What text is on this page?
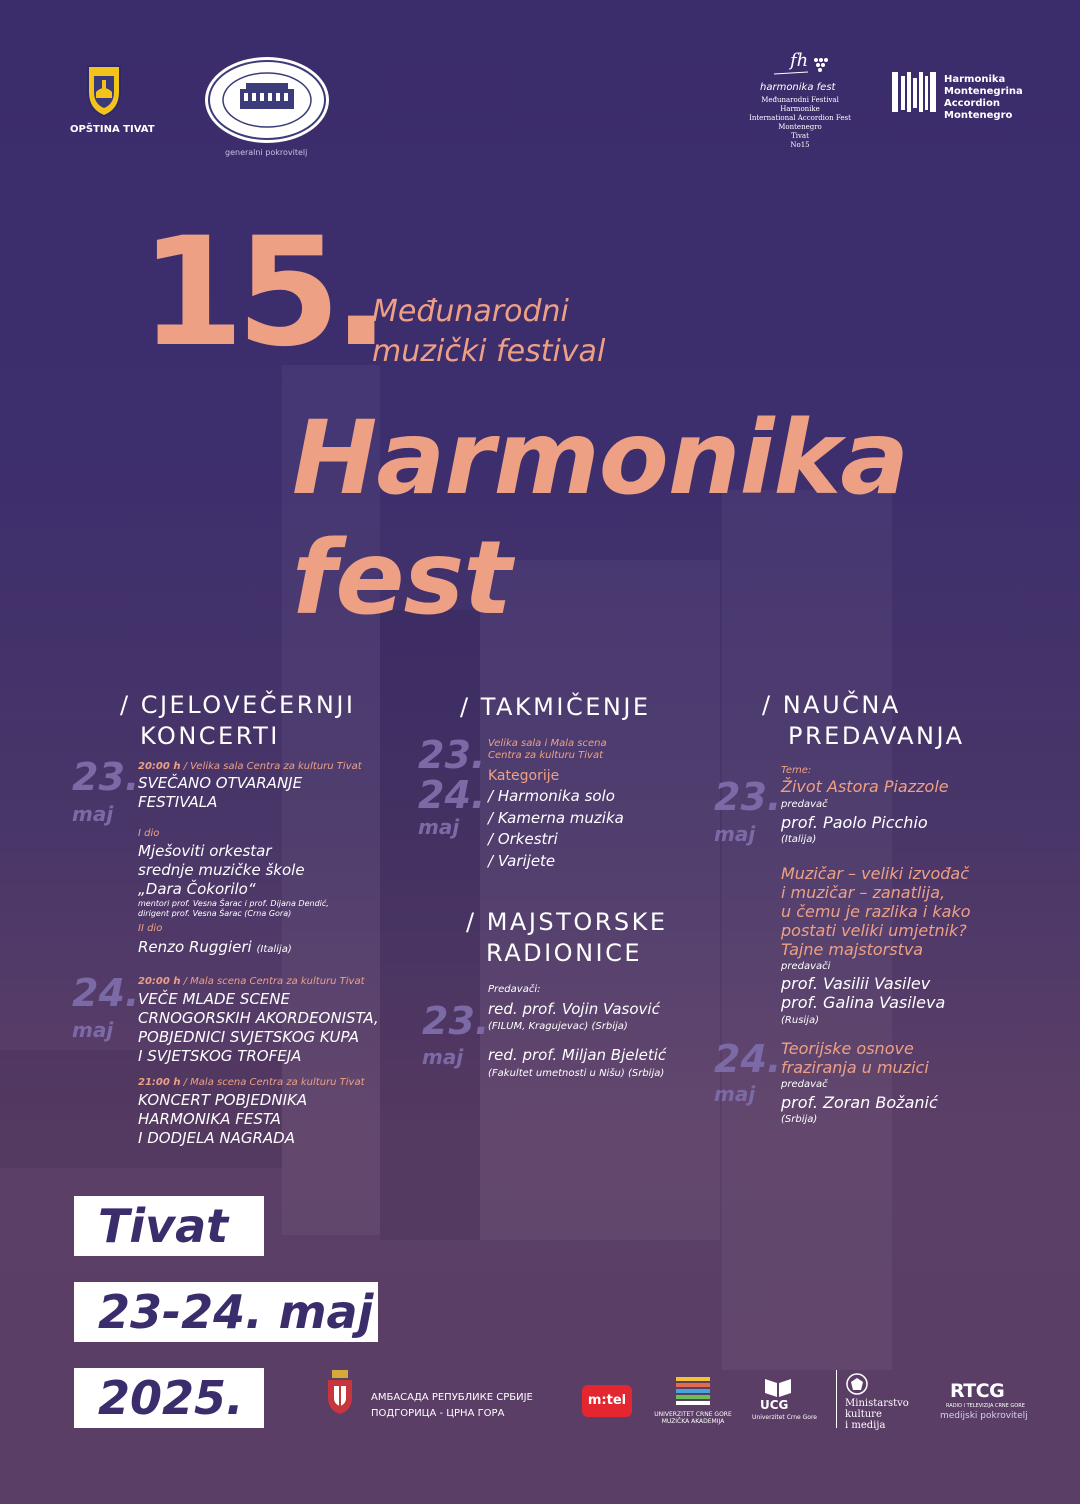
OPŠTINA TIVAT
generalni pokrovitelj
fh
harmonika fest
Međunarodni Festival Harmonike
International Accordion Fest
Montenegro
Tivat
No15
Harmonika
Montenegrina
Accordion
Montenegro
15.
Međunarodni
muzički festival
Harmonika
fest
/ CJELOVEČERNJI
KONCERTI
23.
maj
20:00 h / Velika sala Centra za kulturu Tivat
SVEČANO OTVARANJE
FESTIVALA
I dio
Mješoviti orkestar
srednje muzičke škole
„Dara Čokorilo“
mentori prof. Vesna Šarac i prof. Dijana Dendić,
dirigent prof. Vesna Šarac (Crna Gora)
II dio
Renzo Ruggieri (Italija)
24.
maj
20:00 h / Mala scena Centra za kulturu Tivat
VEČE MLADE SCENE
CRNOGORSKIH AKORDEONISTA,
POBJEDNICI SVJETSKOG KUPA
I SVJETSKOG TROFEJA
21:00 h / Mala scena Centra za kulturu Tivat
KONCERT POBJEDNIKA
HARMONIKA FESTA
I DODJELA NAGRADA
/ TAKMIČENJE
23.
24.
maj
Velika sala i Mala scena
Centra za kulturu Tivat
Kategorije
/ Harmonika solo
/ Kamerna muzika
/ Orkestri
/ Varijete
/ MAJSTORSKE
RADIONICE
23.
maj
Predavači:
red. prof. Vojin Vasović
(FILUM, Kragujevac) (Srbija)
red. prof. Miljan Bjeletić
(Fakultet umetnosti u Nišu) (Srbija)
/ NAUČNA
PREDAVANJA
23.
maj
Teme:
Život Astora Piazzole
predavač
prof. Paolo Picchio
(Italija)
Muzičar – veliki izvođač
i muzičar – zanatlija,
u čemu je razlika i kako
postati veliki umjetnik?
Tajne majstorstva
predavači
prof. Vasilii Vasilev
prof. Galina Vasileva
(Rusija)
24.
maj
Teorijske osnove
fraziranja u muzici
predavač
prof. Zoran Božanić
(Srbija)
Tivat
23-24. maj
2025.	АМБАСАДА РЕПУБЛИКЕ СРБИЈЕ
ПОДГОРИЦА - ЦРНА ГОРА
m:tel
UNIVERZITET CRNE GORE
MUZIČKA AKADEMIJA
UCG
Univerzitet Crne Gore
Ministarstvo
kulture
i medija
RTCG
RADIO I TELEVIZIJA CRNE GORE
medijski pokrovitelj
